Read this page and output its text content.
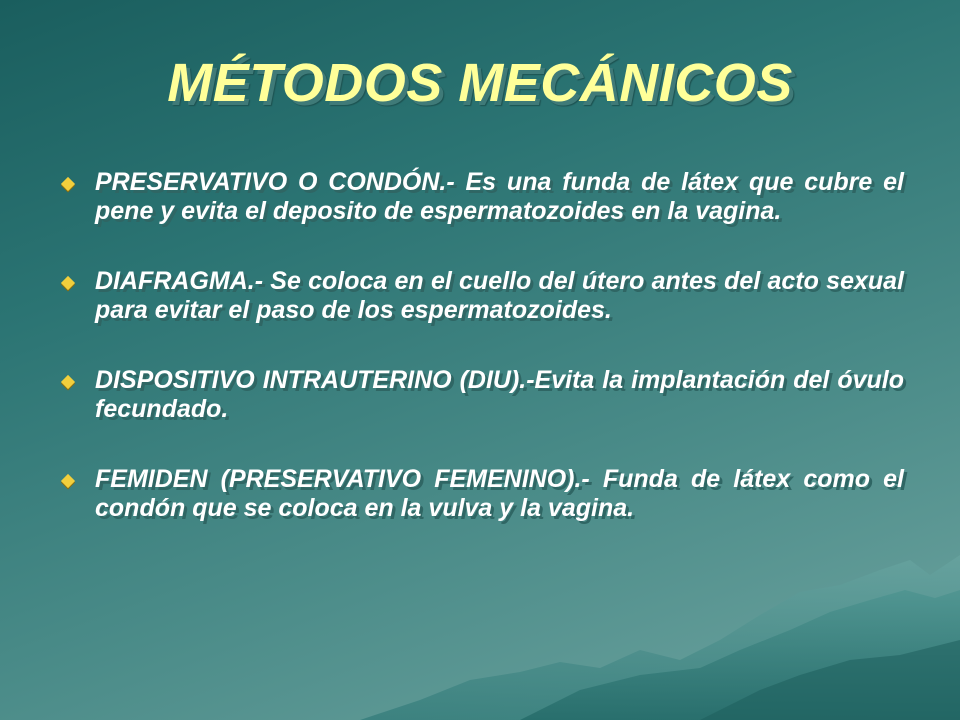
MÉTODOS MECÁNICOS
PRESERVATIVO O CONDÓN.- Es una funda de látex que cubre el pene y evita el deposito de espermatozoides en la vagina.
DIAFRAGMA.- Se coloca en el cuello del útero antes del acto sexual para evitar el paso de los espermatozoides.
DISPOSITIVO INTRAUTERINO (DIU).-Evita la implantación del óvulo fecundado.
FEMIDEN (PRESERVATIVO FEMENINO).- Funda de látex como el condón que se coloca en la vulva y la vagina.
